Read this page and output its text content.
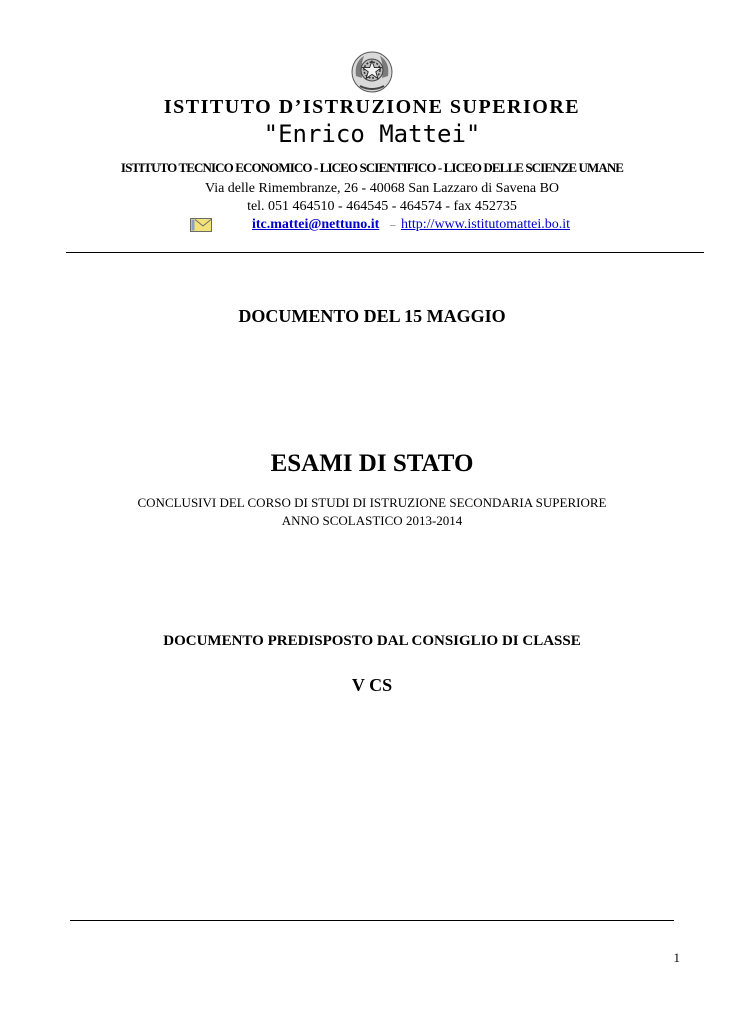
ISTITUTO D’ISTRUZIONE SUPERIORE
"Enrico Mattei"
ISTITUTO TECNICO ECONOMICO - LICEO SCIENTIFICO - LICEO DELLE SCIENZE UMANE
Via delle Rimembranze, 26 - 40068 San Lazzaro di Savena BO
tel. 051 464510 - 464545 - 464574 - fax 452735
itc.mattei@nettuno.it – http://www.istitutomattei.bo.it
DOCUMENTO DEL 15 MAGGIO
ESAMI DI STATO
CONCLUSIVI DEL CORSO DI STUDI DI ISTRUZIONE SECONDARIA SUPERIORE
ANNO SCOLASTICO 2013-2014
DOCUMENTO PREDISPOSTO DAL CONSIGLIO DI CLASSE
V CS
1
